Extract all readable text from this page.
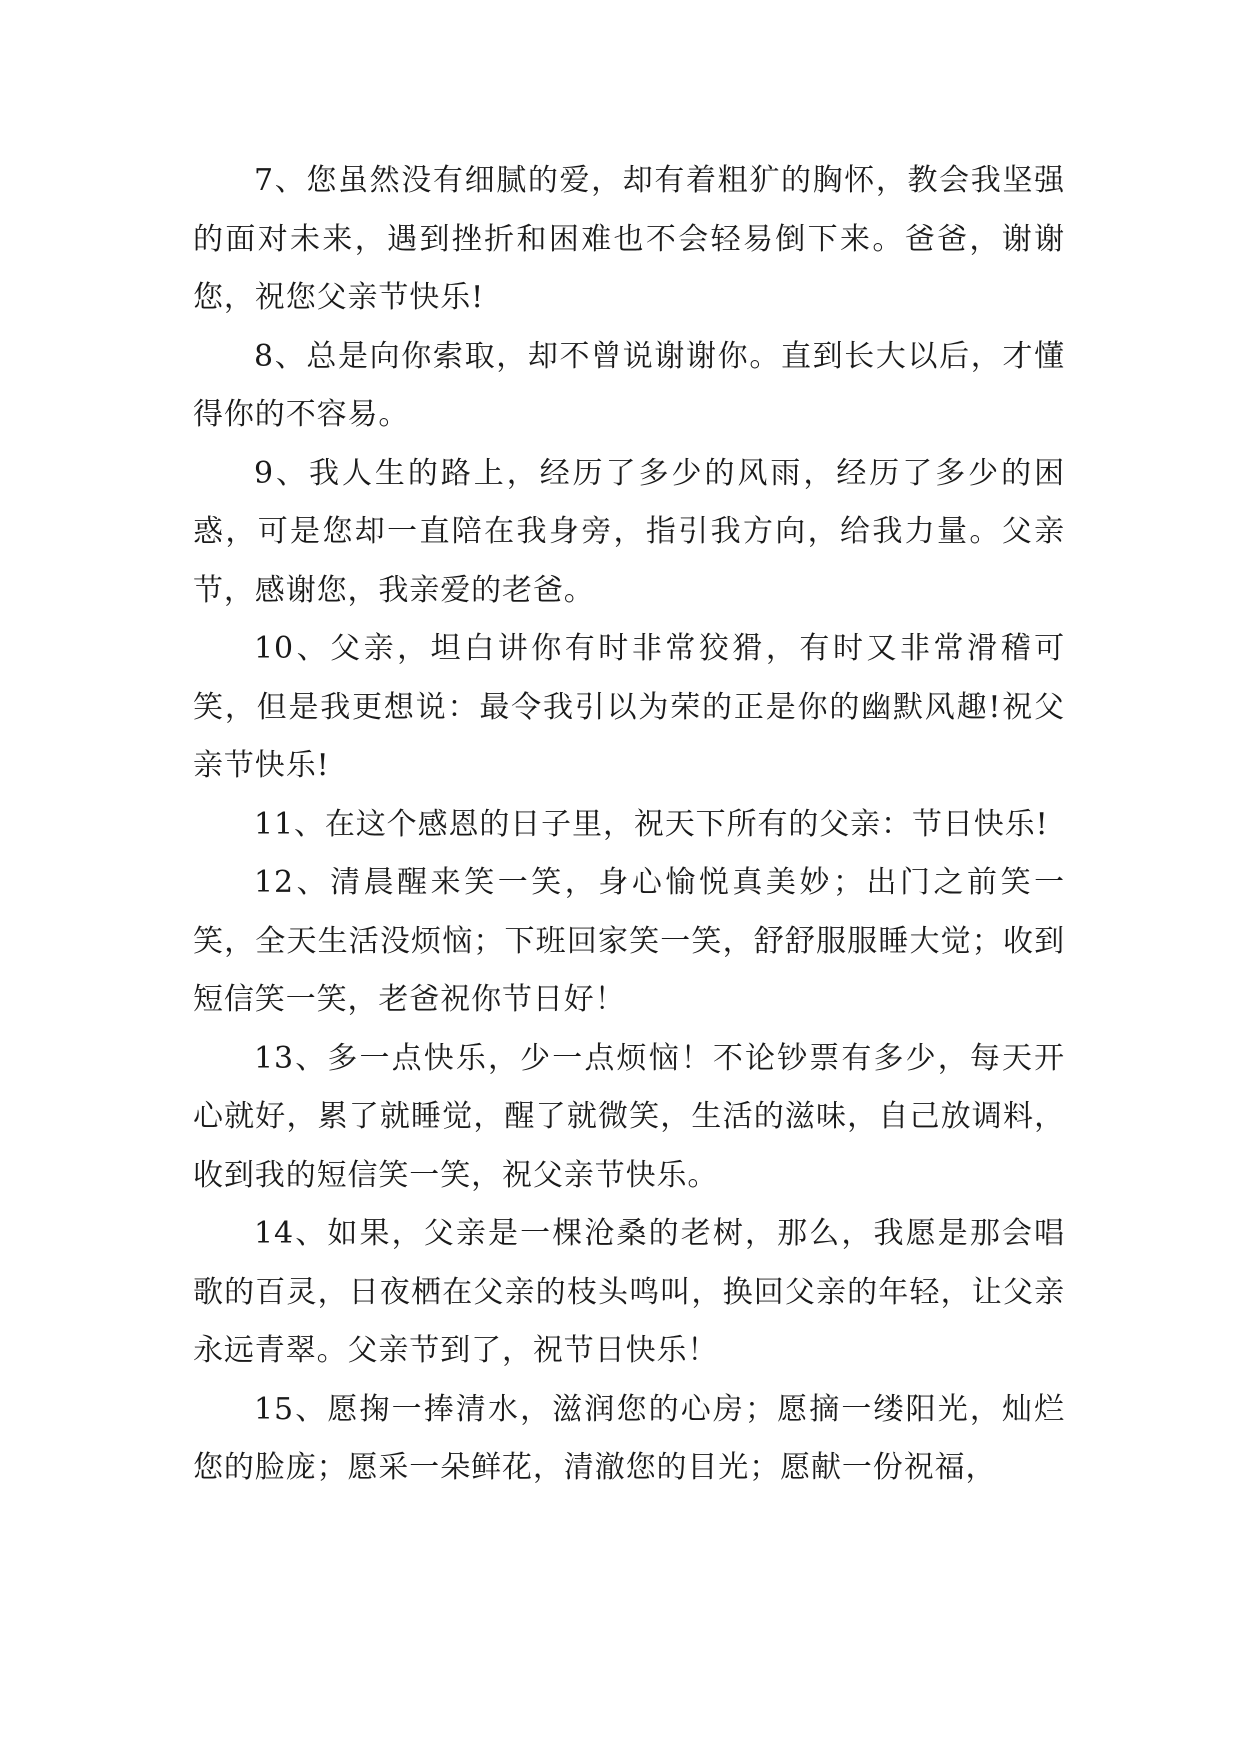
7、您虽然没有细腻的爱，却有着粗犷的胸怀，教会我坚强的面对未来，遇到挫折和困难也不会轻易倒下来。爸爸，谢谢您，祝您父亲节快乐!

8、总是向你索取，却不曾说谢谢你。直到长大以后，才懂得你的不容易。

9、我人生的路上，经历了多少的风雨，经历了多少的困惑，可是您却一直陪在我身旁，指引我方向，给我力量。父亲节，感谢您，我亲爱的老爸。

10、父亲，坦白讲你有时非常狡猾，有时又非常滑稽可笑，但是我更想说：最令我引以为荣的正是你的幽默风趣!祝父亲节快乐!

11、在这个感恩的日子里，祝天下所有的父亲：节日快乐!

12、清晨醒来笑一笑，身心愉悦真美妙；出门之前笑一笑，全天生活没烦恼；下班回家笑一笑，舒舒服服睡大觉；收到短信笑一笑，老爸祝你节日好！

13、多一点快乐，少一点烦恼！不论钞票有多少，每天开心就好，累了就睡觉，醒了就微笑，生活的滋味，自己放调料，收到我的短信笑一笑，祝父亲节快乐。

14、如果，父亲是一棵沧桑的老树，那么，我愿是那会唱歌的百灵，日夜栖在父亲的枝头鸣叫，换回父亲的年轻，让父亲永远青翠。父亲节到了，祝节日快乐！

15、愿掬一捧清水，滋润您的心房；愿摘一缕阳光，灿烂您的脸庞；愿采一朵鲜花，清澈您的目光；愿献一份祝福，
